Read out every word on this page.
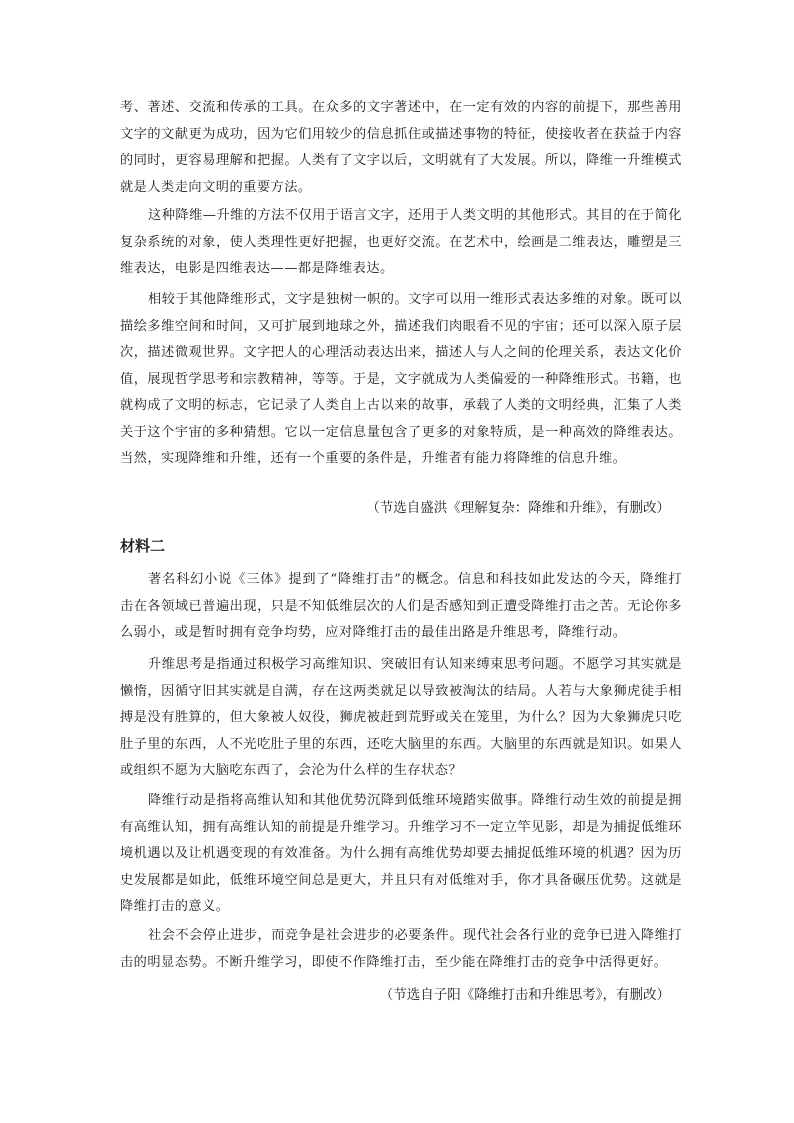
考、著述、交流和传承的工具。在众多的文字著述中，在一定有效的内容的前提下，那些善用文字的文献更为成功，因为它们用较少的信息抓住或描述事物的特征，使接收者在获益于内容的同时，更容易理解和把握。人类有了文字以后，文明就有了大发展。所以，降维一升维模式就是人类走向文明的重要方法。

这种降维—升维的方法不仅用于语言文字，还用于人类文明的其他形式。其目的在于简化复杂系统的对象，使人类理性更好把握，也更好交流。在艺术中，绘画是二维表达，雕塑是三维表达，电影是四维表达——都是降维表达。

相较于其他降维形式，文字是独树一帜的。文字可以用一维形式表达多维的对象。既可以描绘多维空间和时间，又可扩展到地球之外，描述我们肉眼看不见的宇宙；还可以深入原子层次，描述微观世界。文字把人的心理活动表达出来，描述人与人之间的伦理关系，表达文化价值，展现哲学思考和宗教精神，等等。于是，文字就成为人类偏爱的一种降维形式。书籍，也就构成了文明的标志，它记录了人类自上古以来的故事，承载了人类的文明经典，汇集了人类关于这个宇宙的多种猜想。它以一定信息量包含了更多的对象特质，是一种高效的降维表达。当然，实现降维和升维，还有一个重要的条件是，升维者有能力将降维的信息升维。

（节选自盛洪《理解复杂：降维和升维》，有删改）

材料二

著名科幻小说《三体》提到了“降维打击”的概念。信息和科技如此发达的今天，降维打击在各领域已普遍出现，只是不知低维层次的人们是否感知到正遭受降维打击之苦。无论你多么弱小，或是暂时拥有竞争均势，应对降维打击的最佳出路是升维思考，降维行动。

升维思考是指通过积极学习高维知识、突破旧有认知来缚束思考问题。不愿学习其实就是懒惰，因循守旧其实就是自满，存在这两类就足以导致被淘汰的结局。人若与大象狮虎徒手相搏是没有胜算的，但大象被人奴役，狮虎被赶到荒野或关在笼里，为什么？因为大象狮虎只吃肚子里的东西，人不光吃肚子里的东西，还吃大脑里的东西。大脑里的东西就是知识。如果人或组织不愿为大脑吃东西了，会沦为什么样的生存状态？

降维行动是指将高维认知和其他优势沉降到低维环境踏实做事。降维行动生效的前提是拥有高维认知，拥有高维认知的前提是升维学习。升维学习不一定立竿见影，却是为捕捉低维环境机遇以及让机遇变现的有效准备。为什么拥有高维优势却要去捕捉低维环境的机遇？因为历史发展都是如此，低维环境空间总是更大，并且只有对低维对手，你才具备碾压优势。这就是降维打击的意义。

社会不会停止进步，而竞争是社会进步的必要条件。现代社会各行业的竞争已进入降维打击的明显态势。不断升维学习，即使不作降维打击，至少能在降维打击的竞争中活得更好。

（节选自子阳《降维打击和升维思考》，有删改）
